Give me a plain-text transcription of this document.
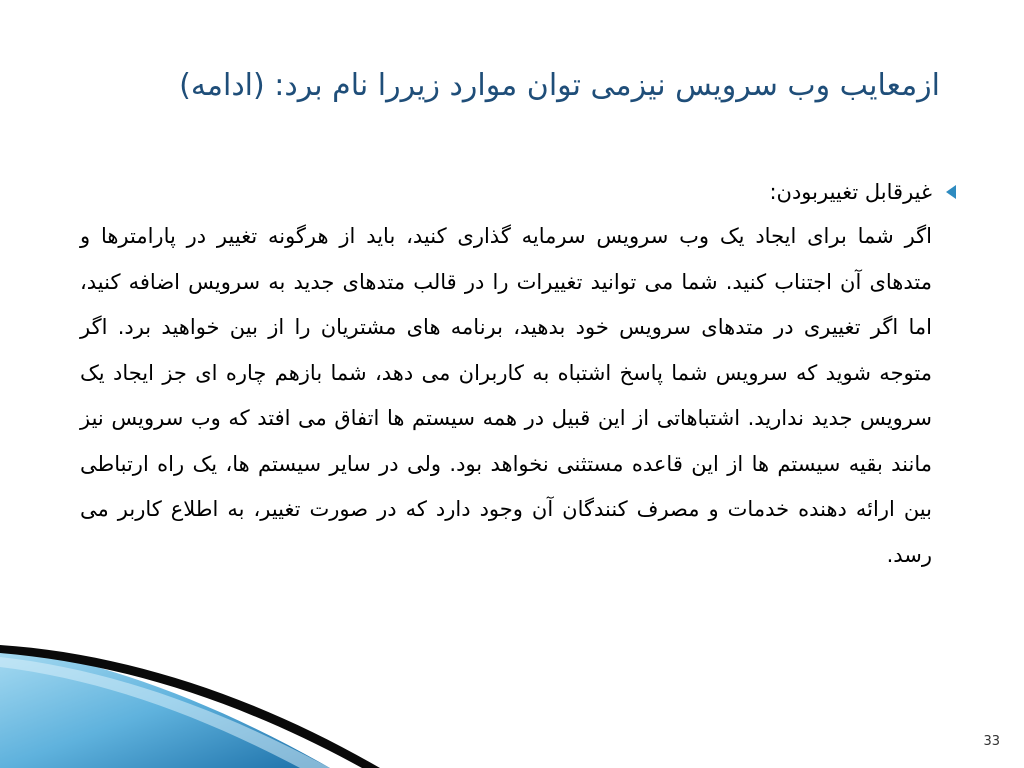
ازمعایب وب سرویس نیزمی توان موارد زیررا نام برد: (ادامه)
غیرقابل تغییربودن:
اگر شما برای ایجاد یک وب سرویس سرمایه گذاری کنید، باید از هرگونه تغییر در پارامترها و متدهای آن اجتناب کنید. شما می توانید تغییرات را در قالب متدهای جدید به سرویس اضافه کنید، اما اگر تغییری در متدهای سرویس خود بدهید، برنامه های مشتریان را از بین خواهید برد. اگر متوجه شوید که سرویس شما پاسخ اشتباه به کاربران می دهد، شما بازهم چاره ای جز ایجاد یک سرویس جدید ندارید. اشتباهاتی از این قبیل در همه سیستم ها اتفاق می افتد که وب سرویس نیز مانند بقیه سیستم ها از این قاعده مستثنی نخواهد بود. ولی در سایر سیستم ها، یک راه ارتباطی بین ارائه دهنده خدمات و مصرف کنندگان آن وجود دارد که در صورت تغییر، به اطلاع کاربر می رسد.
33
